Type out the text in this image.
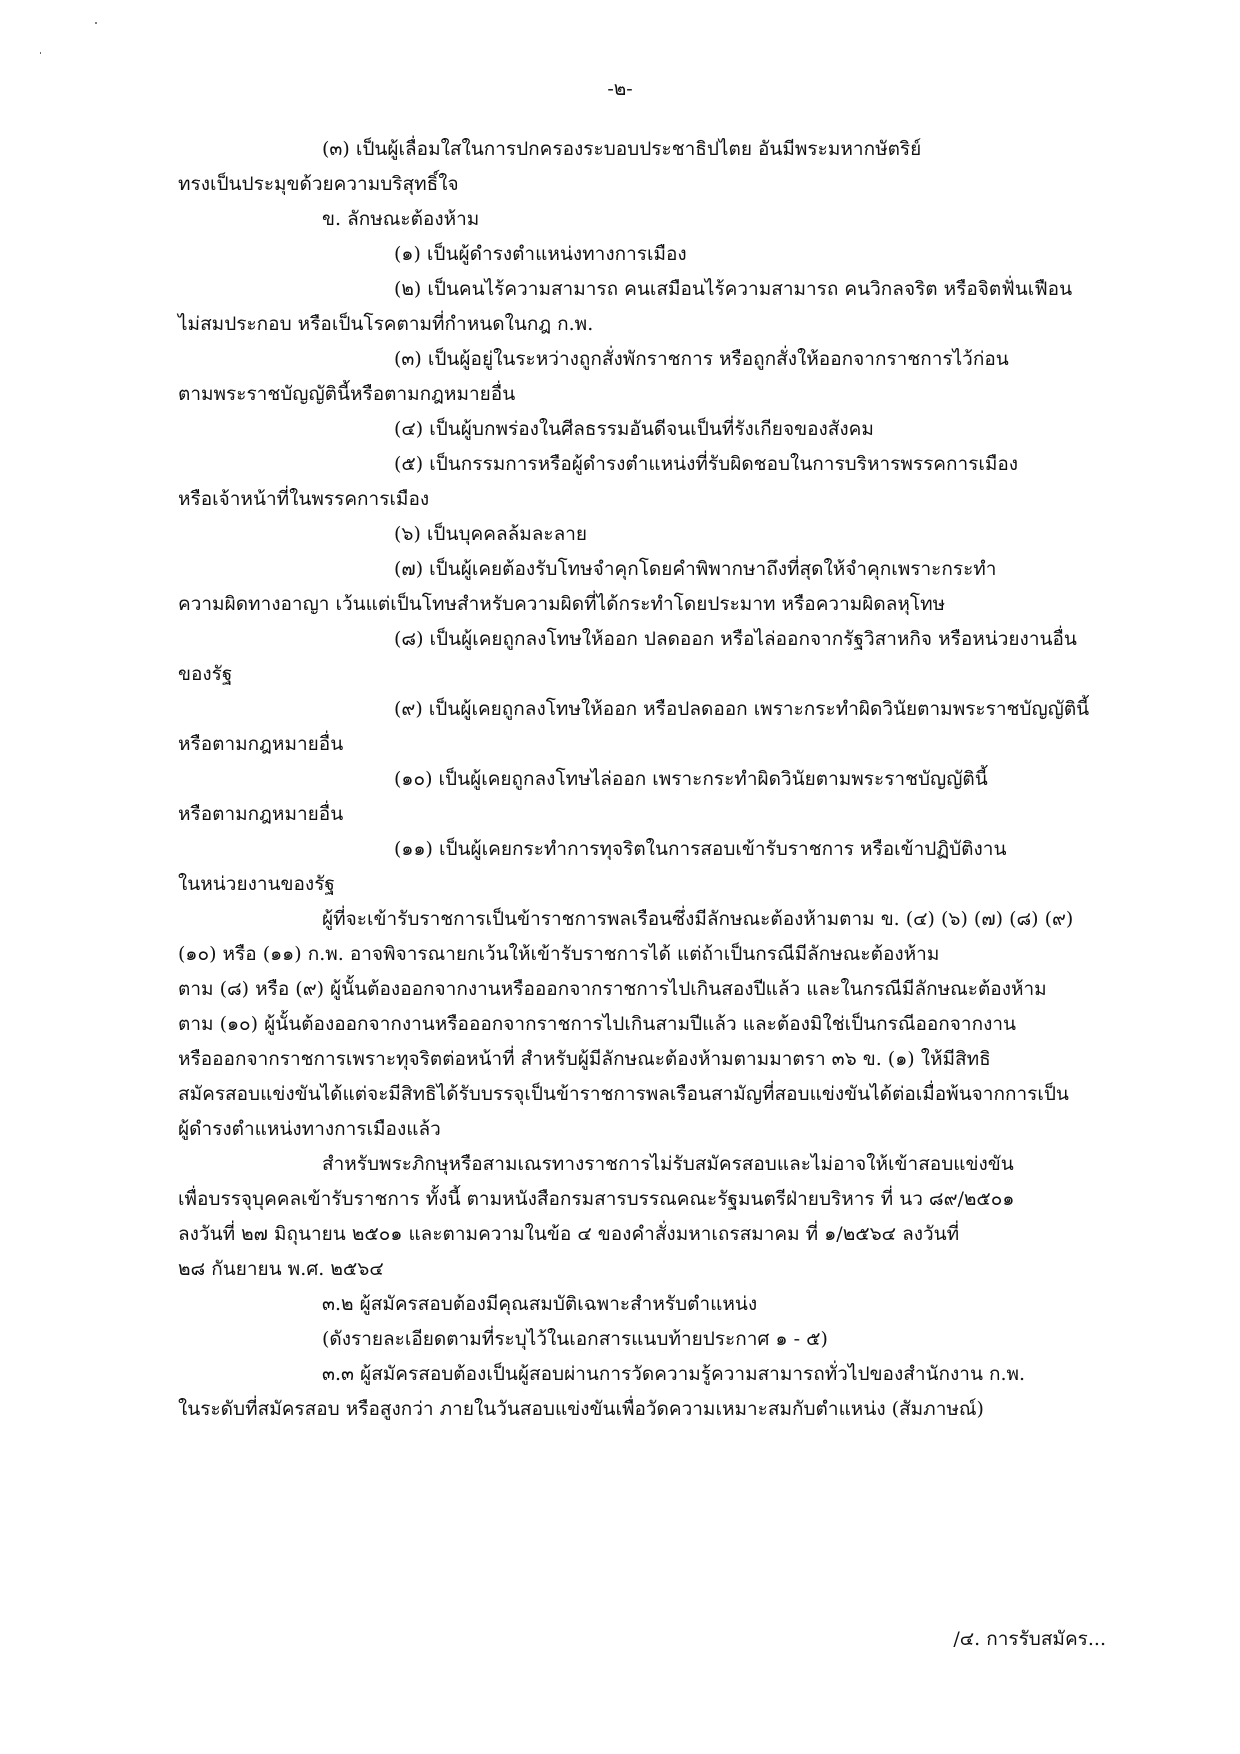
-๒-
(๓) เป็นผู้เลื่อมใสในการปกครองระบอบประชาธิปไตย อันมีพระมหากษัตริย์
ทรงเป็นประมุขด้วยความบริสุทธิ์ใจ
ข. ลักษณะต้องห้าม
(๑) เป็นผู้ดำรงตำแหน่งทางการเมือง
(๒) เป็นคนไร้ความสามารถ คนเสมือนไร้ความสามารถ คนวิกลจริต หรือจิตฟั่นเฟือน
ไม่สมประกอบ หรือเป็นโรคตามที่กำหนดในกฎ ก.พ.
(๓) เป็นผู้อยู่ในระหว่างถูกสั่งพักราชการ หรือถูกสั่งให้ออกจากราชการไว้ก่อน
ตามพระราชบัญญัตินี้หรือตามกฎหมายอื่น
(๔) เป็นผู้บกพร่องในศีลธรรมอันดีจนเป็นที่รังเกียจของสังคม
(๕) เป็นกรรมการหรือผู้ดำรงตำแหน่งที่รับผิดชอบในการบริหารพรรคการเมือง
หรือเจ้าหน้าที่ในพรรคการเมือง
(๖) เป็นบุคคลล้มละลาย
(๗) เป็นผู้เคยต้องรับโทษจำคุกโดยคำพิพากษาถึงที่สุดให้จำคุกเพราะกระทำ
ความผิดทางอาญา เว้นแต่เป็นโทษสำหรับความผิดที่ได้กระทำโดยประมาท หรือความผิดลหุโทษ
(๘) เป็นผู้เคยถูกลงโทษให้ออก ปลดออก หรือไล่ออกจากรัฐวิสาหกิจ หรือหน่วยงานอื่น
ของรัฐ
(๙) เป็นผู้เคยถูกลงโทษให้ออก หรือปลดออก เพราะกระทำผิดวินัยตามพระราชบัญญัตินี้
หรือตามกฎหมายอื่น
(๑๐) เป็นผู้เคยถูกลงโทษไล่ออก เพราะกระทำผิดวินัยตามพระราชบัญญัตินี้
หรือตามกฎหมายอื่น
(๑๑) เป็นผู้เคยกระทำการทุจริตในการสอบเข้ารับราชการ หรือเข้าปฏิบัติงาน
ในหน่วยงานของรัฐ
ผู้ที่จะเข้ารับราชการเป็นข้าราชการพลเรือนซึ่งมีลักษณะต้องห้ามตาม ข. (๔) (๖) (๗) (๘) (๙)
(๑๐) หรือ (๑๑) ก.พ. อาจพิจารณายกเว้นให้เข้ารับราชการได้ แต่ถ้าเป็นกรณีมีลักษณะต้องห้าม
ตาม (๘) หรือ (๙) ผู้นั้นต้องออกจากงานหรือออกจากราชการไปเกินสองปีแล้ว และในกรณีมีลักษณะต้องห้าม
ตาม (๑๐) ผู้นั้นต้องออกจากงานหรือออกจากราชการไปเกินสามปีแล้ว และต้องมิใช่เป็นกรณีออกจากงาน
หรือออกจากราชการเพราะทุจริตต่อหน้าที่ สำหรับผู้มีลักษณะต้องห้ามตามมาตรา ๓๖ ข. (๑) ให้มีสิทธิ
สมัครสอบแข่งขันได้แต่จะมีสิทธิได้รับบรรจุเป็นข้าราชการพลเรือนสามัญที่สอบแข่งขันได้ต่อเมื่อพ้นจากการเป็น
ผู้ดำรงตำแหน่งทางการเมืองแล้ว
สำหรับพระภิกษุหรือสามเณรทางราชการไม่รับสมัครสอบและไม่อาจให้เข้าสอบแข่งขัน
เพื่อบรรจุบุคคลเข้ารับราชการ ทั้งนี้ ตามหนังสือกรมสารบรรณคณะรัฐมนตรีฝ่ายบริหาร ที่ นว ๘๙/๒๕๐๑
ลงวันที่ ๒๗ มิถุนายน ๒๕๐๑ และตามความในข้อ ๔ ของคำสั่งมหาเถรสมาคม ที่ ๑/๒๕๖๔ ลงวันที่
๒๘ กันยายน พ.ศ. ๒๕๖๔
๓.๒ ผู้สมัครสอบต้องมีคุณสมบัติเฉพาะสำหรับตำแหน่ง
(ดังรายละเอียดตามที่ระบุไว้ในเอกสารแนบท้ายประกาศ ๑ - ๕)
๓.๓ ผู้สมัครสอบต้องเป็นผู้สอบผ่านการวัดความรู้ความสามารถทั่วไปของสำนักงาน ก.พ.
ในระดับที่สมัครสอบ หรือสูงกว่า ภายในวันสอบแข่งขันเพื่อวัดความเหมาะสมกับตำแหน่ง (สัมภาษณ์)
/๔. การรับสมัคร...
